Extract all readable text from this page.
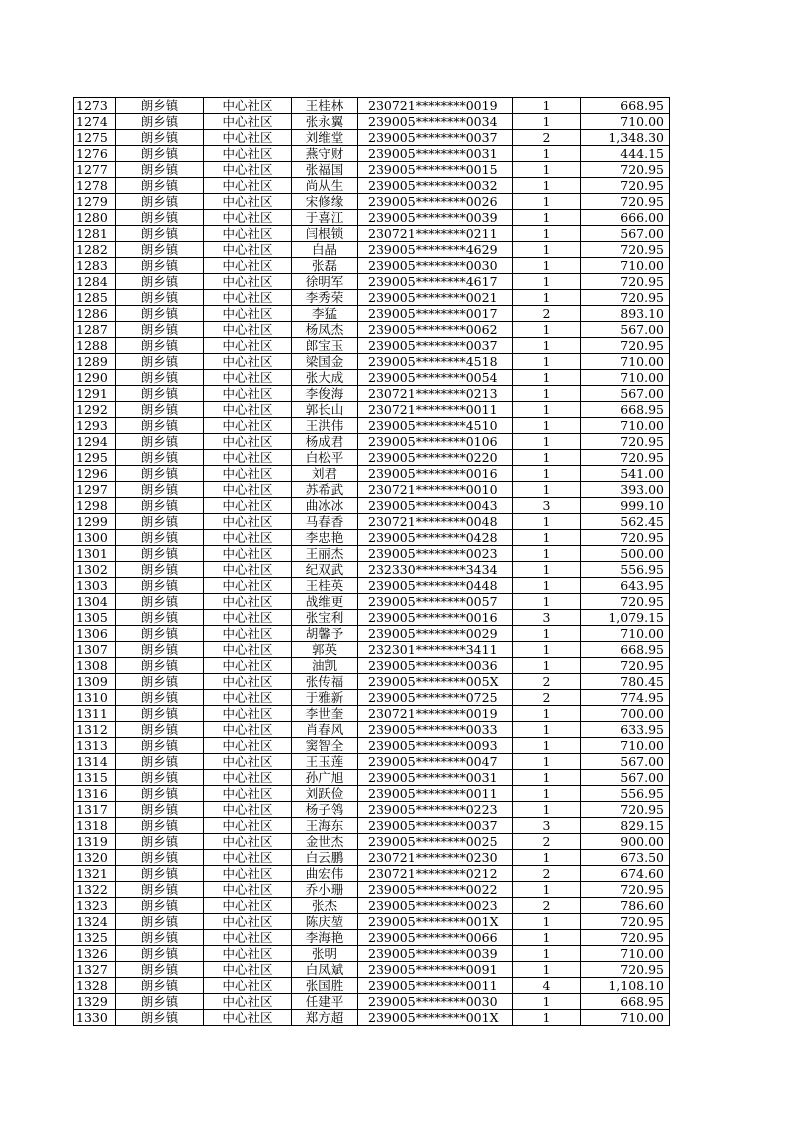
1273	朗乡镇	中心社区	王桂林	230721********0019	1	668.95
1274	朗乡镇	中心社区	张永翼	239005********0034	1	710.00
1275	朗乡镇	中心社区	刘维堂	239005********0037	2	1,348.30
1276	朗乡镇	中心社区	燕守财	239005********0031	1	444.15
1277	朗乡镇	中心社区	张福国	239005********0015	1	720.95
1278	朗乡镇	中心社区	尚从生	239005********0032	1	720.95
1279	朗乡镇	中心社区	宋修缘	239005********0026	1	720.95
1280	朗乡镇	中心社区	于喜江	239005********0039	1	666.00
1281	朗乡镇	中心社区	闫根锁	230721********0211	1	567.00
1282	朗乡镇	中心社区	白晶	239005********4629	1	720.95
1283	朗乡镇	中心社区	张磊	239005********0030	1	710.00
1284	朗乡镇	中心社区	徐明军	239005********4617	1	720.95
1285	朗乡镇	中心社区	李秀荣	239005********0021	1	720.95
1286	朗乡镇	中心社区	李猛	239005********0017	2	893.10
1287	朗乡镇	中心社区	杨凤杰	239005********0062	1	567.00
1288	朗乡镇	中心社区	郎宝玉	239005********0037	1	720.95
1289	朗乡镇	中心社区	梁国金	239005********4518	1	710.00
1290	朗乡镇	中心社区	张大成	239005********0054	1	710.00
1291	朗乡镇	中心社区	李俊海	230721********0213	1	567.00
1292	朗乡镇	中心社区	郭长山	230721********0011	1	668.95
1293	朗乡镇	中心社区	王洪伟	239005********4510	1	710.00
1294	朗乡镇	中心社区	杨成君	239005********0106	1	720.95
1295	朗乡镇	中心社区	白松平	239005********0220	1	720.95
1296	朗乡镇	中心社区	刘君	239005********0016	1	541.00
1297	朗乡镇	中心社区	苏希武	230721********0010	1	393.00
1298	朗乡镇	中心社区	曲冰冰	239005********0043	3	999.10
1299	朗乡镇	中心社区	马春香	230721********0048	1	562.45
1300	朗乡镇	中心社区	李忠艳	239005********0428	1	720.95
1301	朗乡镇	中心社区	王丽杰	239005********0023	1	500.00
1302	朗乡镇	中心社区	纪双武	232330********3434	1	556.95
1303	朗乡镇	中心社区	王桂英	239005********0448	1	643.95
1304	朗乡镇	中心社区	战维更	239005********0057	1	720.95
1305	朗乡镇	中心社区	张宝利	239005********0016	3	1,079.15
1306	朗乡镇	中心社区	胡馨予	239005********0029	1	710.00
1307	朗乡镇	中心社区	郭英	232301********3411	1	668.95
1308	朗乡镇	中心社区	油凯	239005********0036	1	720.95
1309	朗乡镇	中心社区	张传福	239005********005X	2	780.45
1310	朗乡镇	中心社区	于雅新	239005********0725	2	774.95
1311	朗乡镇	中心社区	李世奎	230721********0019	1	700.00
1312	朗乡镇	中心社区	肖春风	239005********0033	1	633.95
1313	朗乡镇	中心社区	窦智全	239005********0093	1	710.00
1314	朗乡镇	中心社区	王玉莲	239005********0047	1	567.00
1315	朗乡镇	中心社区	孙广旭	239005********0031	1	567.00
1316	朗乡镇	中心社区	刘跃俭	239005********0011	1	556.95
1317	朗乡镇	中心社区	杨子鸰	239005********0223	1	720.95
1318	朗乡镇	中心社区	王海东	239005********0037	3	829.15
1319	朗乡镇	中心社区	金世杰	239005********0025	2	900.00
1320	朗乡镇	中心社区	白云鹏	230721********0230	1	673.50
1321	朗乡镇	中心社区	曲宏伟	230721********0212	2	674.60
1322	朗乡镇	中心社区	乔小珊	239005********0022	1	720.95
1323	朗乡镇	中心社区	张杰	239005********0023	2	786.60
1324	朗乡镇	中心社区	陈庆堃	239005********001X	1	720.95
1325	朗乡镇	中心社区	李海艳	239005********0066	1	720.95
1326	朗乡镇	中心社区	张明	239005********0039	1	710.00
1327	朗乡镇	中心社区	白凤斌	239005********0091	1	720.95
1328	朗乡镇	中心社区	张国胜	239005********0011	4	1,108.10
1329	朗乡镇	中心社区	任建平	239005********0030	1	668.95
1330	朗乡镇	中心社区	郑方超	239005********001X	1	710.00
